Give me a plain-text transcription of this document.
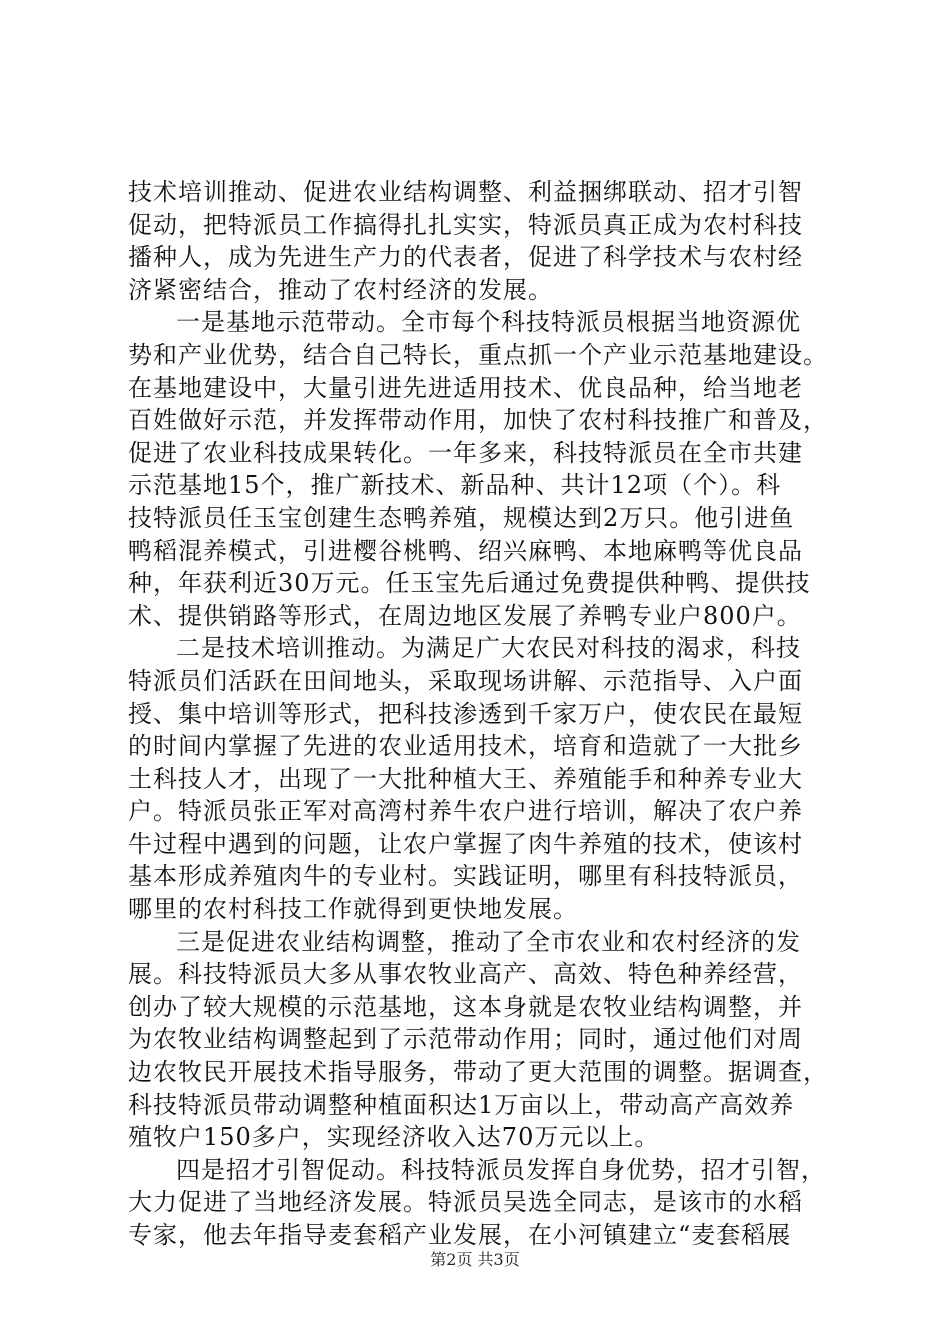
技术培训推动、促进农业结构调整、利益捆绑联动、招才引智
促动，把特派员工作搞得扎扎实实，特派员真正成为农村科技
播种人，成为先进生产力的代表者，促进了科学技术与农村经
济紧密结合，推动了农村经济的发展。
一是基地示范带动。全市每个科技特派员根据当地资源优
势和产业优势，结合自己特长，重点抓一个产业示范基地建设。
在基地建设中，大量引进先进适用技术、优良品种，给当地老
百姓做好示范，并发挥带动作用，加快了农村科技推广和普及，
促进了农业科技成果转化。一年多来，科技特派员在全市共建
示范基地15个，推广新技术、新品种、共计12项（个）。科
技特派员任玉宝创建生态鸭养殖，规模达到2万只。他引进鱼
鸭稻混养模式，引进樱谷桃鸭、绍兴麻鸭、本地麻鸭等优良品
种，年获利近30万元。任玉宝先后通过免费提供种鸭、提供技
术、提供销路等形式，在周边地区发展了养鸭专业户800户。
二是技术培训推动。为满足广大农民对科技的渴求，科技
特派员们活跃在田间地头，采取现场讲解、示范指导、入户面
授、集中培训等形式，把科技渗透到千家万户，使农民在最短
的时间内掌握了先进的农业适用技术，培育和造就了一大批乡
土科技人才，出现了一大批种植大王、养殖能手和种养专业大
户。特派员张正军对高湾村养牛农户进行培训，解决了农户养
牛过程中遇到的问题，让农户掌握了肉牛养殖的技术，使该村
基本形成养殖肉牛的专业村。实践证明，哪里有科技特派员，
哪里的农村科技工作就得到更快地发展。
三是促进农业结构调整，推动了全市农业和农村经济的发
展。科技特派员大多从事农牧业高产、高效、特色种养经营，
创办了较大规模的示范基地，这本身就是农牧业结构调整，并
为农牧业结构调整起到了示范带动作用；同时，通过他们对周
边农牧民开展技术指导服务，带动了更大范围的调整。据调查，
科技特派员带动调整种植面积达1万亩以上，带动高产高效养
殖牧户150多户，实现经济收入达70万元以上。
四是招才引智促动。科技特派员发挥自身优势，招才引智，
大力促进了当地经济发展。特派员吴选全同志，是该市的水稻
专家，他去年指导麦套稻产业发展，在小河镇建立“麦套稻展
第2页 共3页
